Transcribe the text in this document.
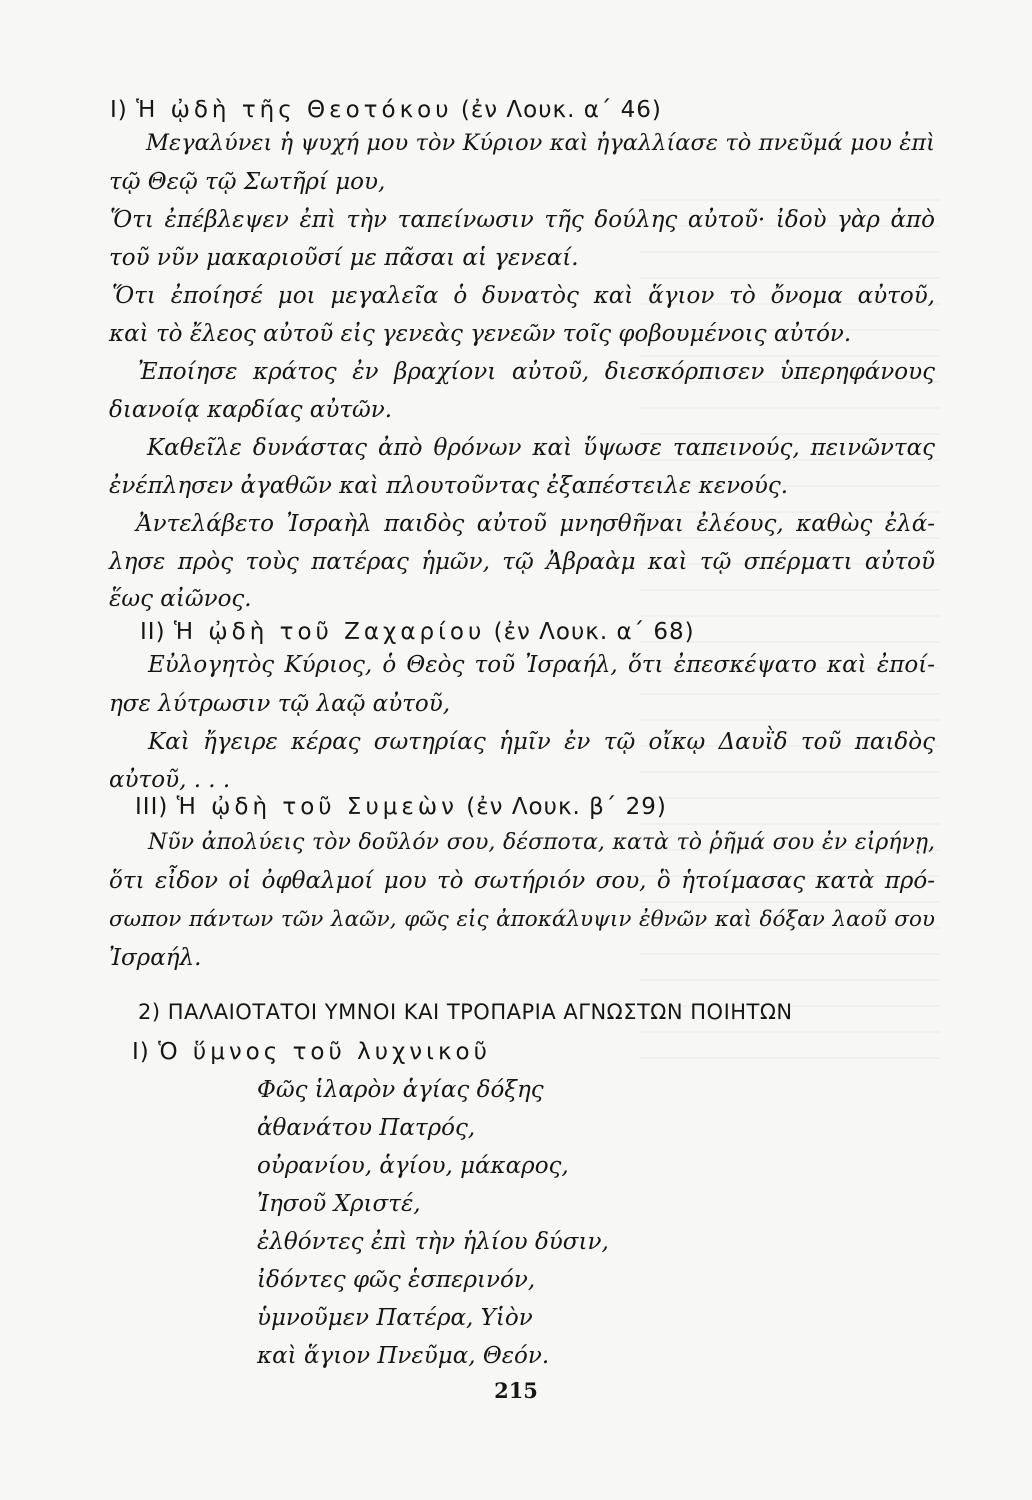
I) Ἡ ᾠδὴ τῆς Θεοτόκου (ἐν Λουκ. α΄ 46)
Μεγαλύνει ἡ ψυχή μου τὸν Κύριον καὶ ἠγαλλίασε τὸ πνεῦμά μου ἐπὶ
τῷ Θεῷ τῷ Σωτῆρί μου,
Ὅτι ἐπέβλεψεν ἐπὶ τὴν ταπείνωσιν τῆς δούλης αὐτοῦ· ἰδοὺ γὰρ ἀπὸ
τοῦ νῦν μακαριοῦσί με πᾶσαι αἱ γενεαί.
Ὅτι ἐποίησέ μοι μεγαλεῖα ὁ δυνατὸς καὶ ἅγιον τὸ ὄνομα αὐτοῦ,
καὶ τὸ ἔλεος αὐτοῦ εἰς γενεὰς γενεῶν τοῖς φοβουμένοις αὐτόν.
Ἐποίησε κράτος ἐν βραχίονι αὐτοῦ, διεσκόρπισεν ὑπερηφάνους
διανοίᾳ καρδίας αὐτῶν.
Καθεῖλε δυνάστας ἀπὸ θρόνων καὶ ὕψωσε ταπεινούς, πεινῶντας
ἐνέπλησεν ἀγαθῶν καὶ πλουτοῦντας ἐξαπέστειλε κενούς.
Ἀντελάβετο Ἰσραὴλ παιδὸς αὐτοῦ μνησθῆναι ἐλέους, καθὼς ἐλά-
λησε πρὸς τοὺς πατέρας ἡμῶν, τῷ Ἀβραὰμ καὶ τῷ σπέρματι αὐτοῦ
ἕως αἰῶνος.
II) Ἡ ᾠδὴ τοῦ Ζαχαρίου (ἐν Λουκ. α΄ 68)
Εὐλογητὸς Κύριος, ὁ Θεὸς τοῦ Ἰσραήλ, ὅτι ἐπεσκέψατο καὶ ἐποί-
ησε λύτρωσιν τῷ λαῷ αὐτοῦ,
Καὶ ἤγειρε κέρας σωτηρίας ἡμῖν ἐν τῷ οἴκῳ Δαυῒδ τοῦ παιδὸς
αὐτοῦ, . . .
III) Ἡ ᾠδὴ τοῦ Συμεὼν (ἐν Λουκ. β΄ 29)
Νῦν ἀπολύεις τὸν δοῦλόν σου, δέσποτα, κατὰ τὸ ῥῆμά σου ἐν εἰρήνῃ,
ὅτι εἶδον οἱ ὀφθαλμοί μου τὸ σωτήριόν σου, ὃ ἡτοίμασας κατὰ πρό-
σωπον πάντων τῶν λαῶν, φῶς εἰς ἀποκάλυψιν ἐθνῶν καὶ δόξαν λαοῦ σου
Ἰσραήλ.
2) ΠΑΛΑΙΟΤΑΤΟΙ ΥΜΝΟΙ ΚΑΙ ΤΡΟΠΑΡΙΑ ΑΓΝΩΣΤΩΝ ΠΟΙΗΤΩΝ
I) Ὁ ὕμνος τοῦ λυχνικοῦ
Φῶς ἱλαρὸν ἁγίας δόξης
ἀθανάτου Πατρός,
οὐρανίου, ἁγίου, μάκαρος,
Ἰησοῦ Χριστέ,
ἐλθόντες ἐπὶ τὴν ἡλίου δύσιν,
ἰδόντες φῶς ἑσπερινόν,
ὑμνοῦμεν Πατέρα, Υἱὸν
καὶ ἅγιον Πνεῦμα, Θεόν.
215
